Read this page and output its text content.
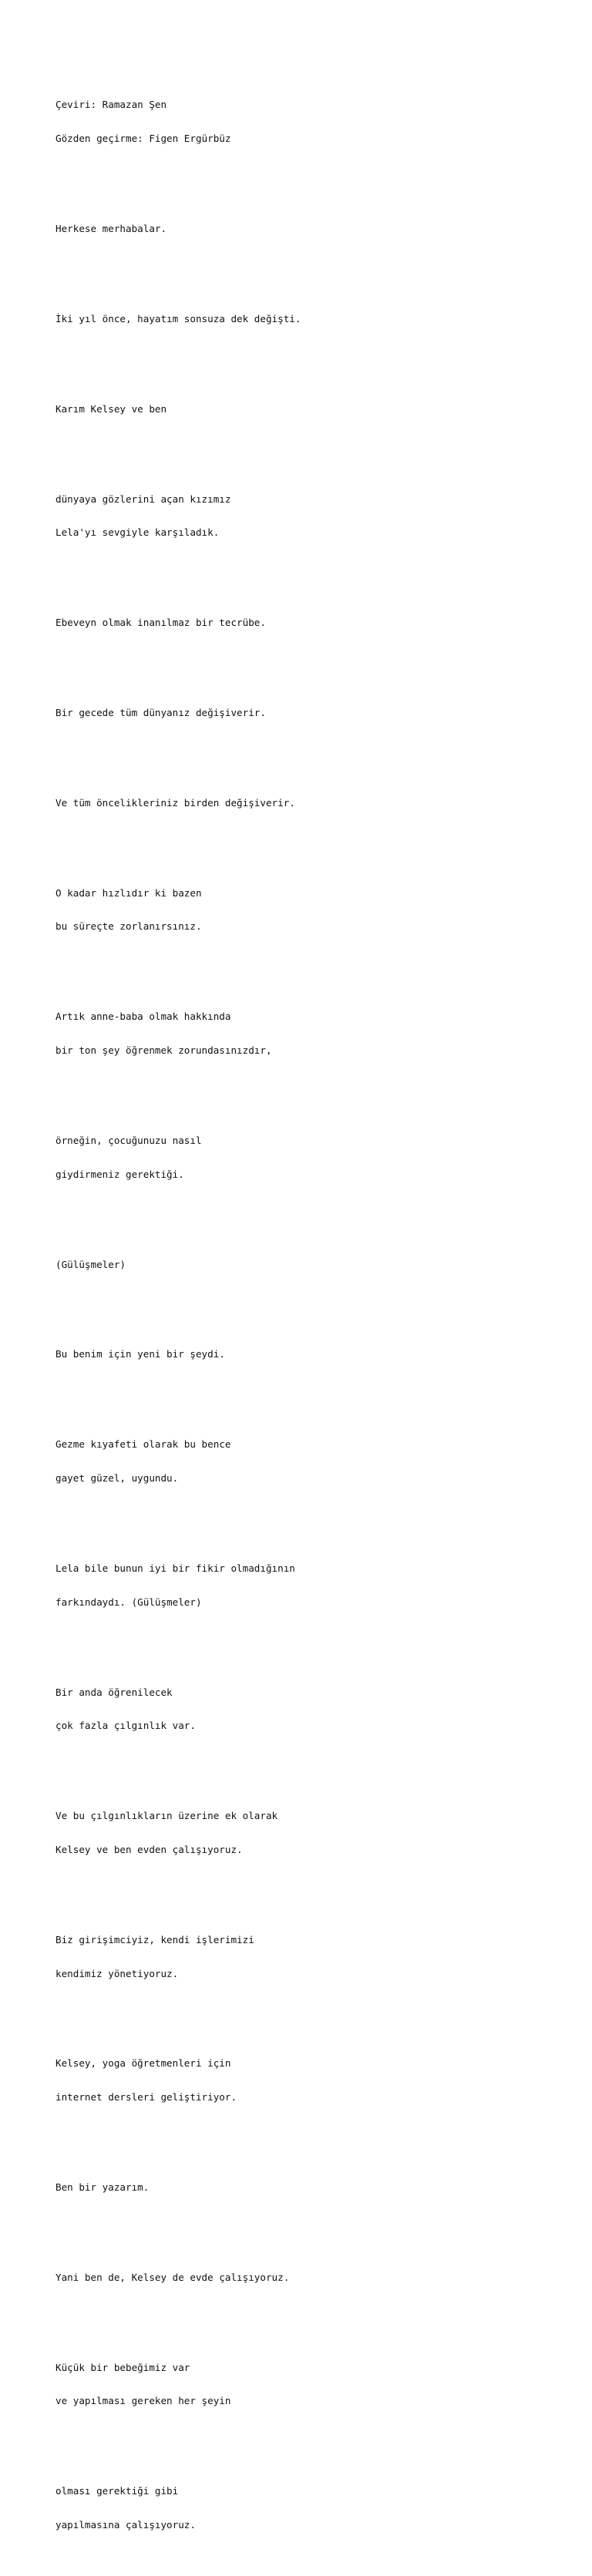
Çeviri: Ramazan Şen

Gözden geçirme: Figen Ergürbüz

Herkese merhabalar.

İki yıl önce, hayatım sonsuza dek değişti.

Karım Kelsey ve ben

dünyaya gözlerini açan kızımız

Lela'yı sevgiyle karşıladık.

Ebeveyn olmak inanılmaz bir tecrübe.

Bir gecede tüm dünyanız değişiverir.

Ve tüm öncelikleriniz birden değişiverir.

O kadar hızlıdır ki bazen

bu süreçte zorlanırsınız.

Artık anne-baba olmak hakkında

bir ton şey öğrenmek zorundasınızdır,

örneğin, çocuğunuzu nasıl

giydirmeniz gerektiği.

(Gülüşmeler)

Bu benim için yeni bir şeydi.

Gezme kıyafeti olarak bu bence

gayet güzel, uygundu.

Lela bile bunun iyi bir fikir olmadığının

farkındaydı. (Gülüşmeler)

Bir anda öğrenilecek

çok fazla çılgınlık var.

Ve bu çılgınlıkların üzerine ek olarak

Kelsey ve ben evden çalışıyoruz.

Biz girişimciyiz, kendi işlerimizi

kendimiz yönetiyoruz.

Kelsey, yoga öğretmenleri için

internet dersleri geliştiriyor.

Ben bir yazarım.

Yani ben de, Kelsey de evde çalışıyoruz.

Küçük bir bebeğimiz var

ve yapılması gereken her şeyin

olması gerektiği gibi

yapılmasına çalışıyoruz.
